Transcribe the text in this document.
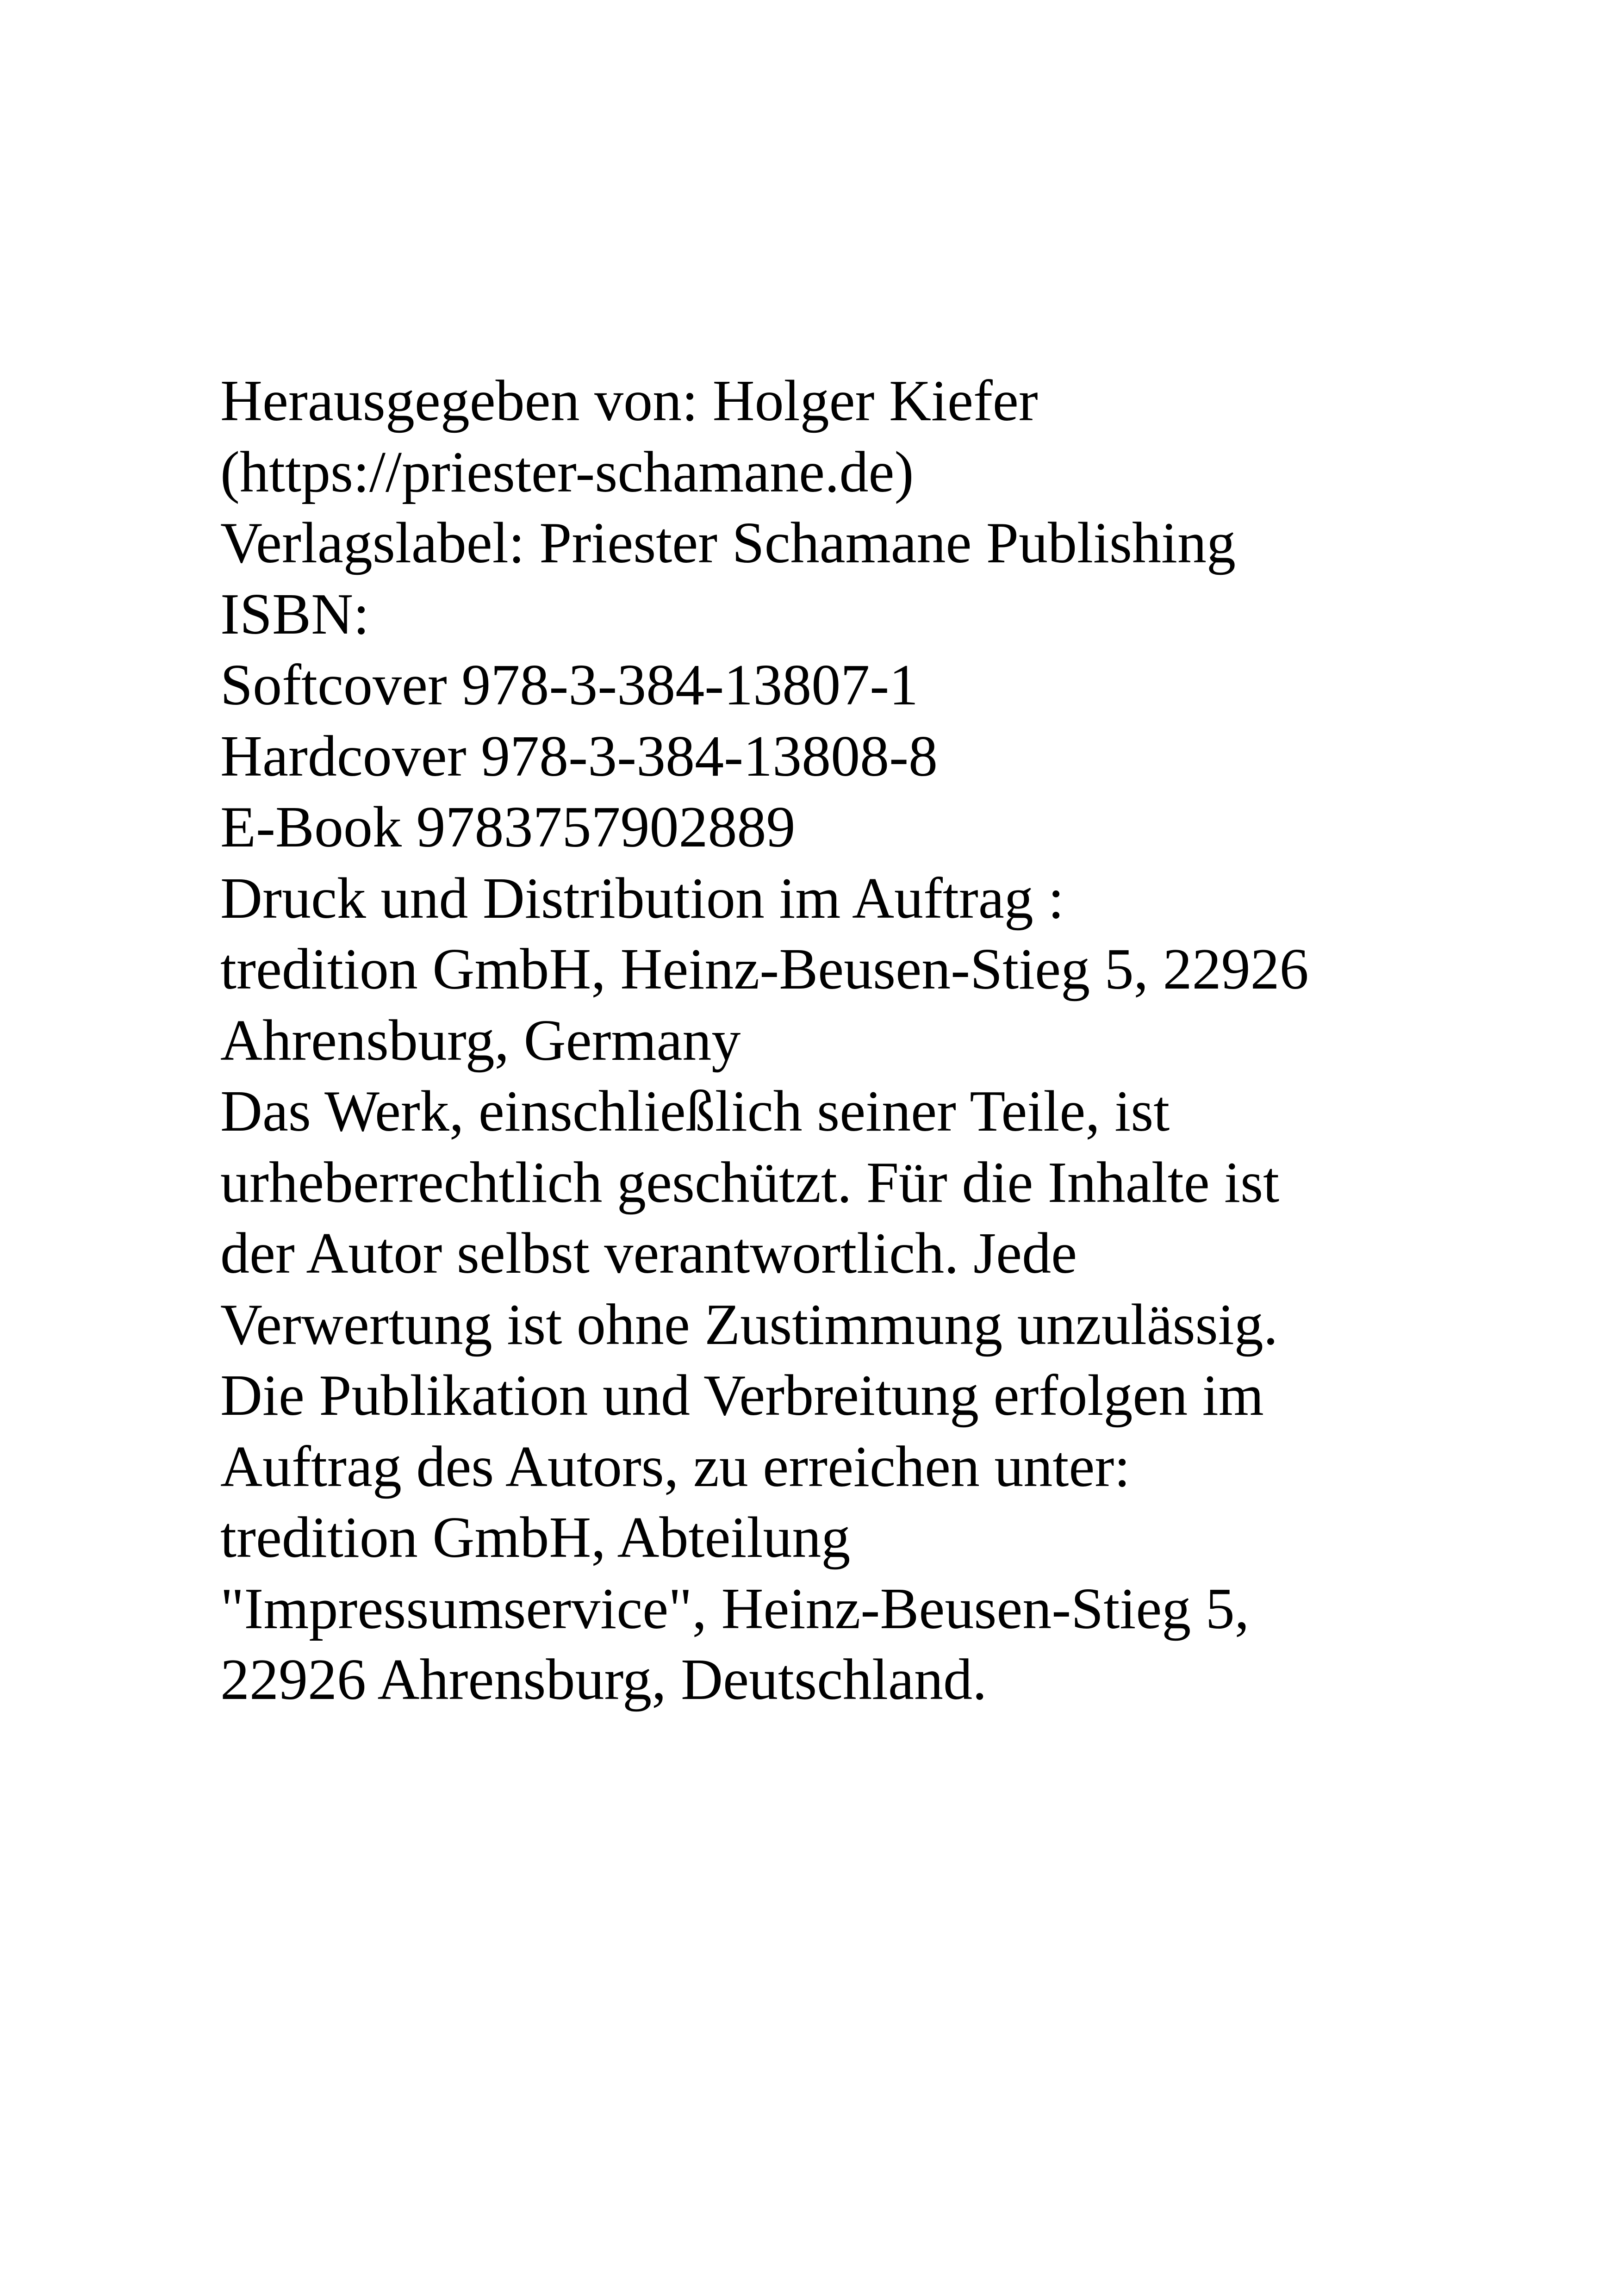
Herausgegeben von: Holger Kiefer
(https://priester-schamane.de)
Verlagslabel: Priester Schamane Publishing
ISBN:
Softcover 978-3-384-13807-1
Hardcover 978-3-384-13808-8
E-Book 9783757902889
Druck und Distribution im Auftrag :
tredition GmbH, Heinz-Beusen-Stieg 5, 22926
Ahrensburg, Germany
Das Werk, einschließlich seiner Teile, ist
urheberrechtlich geschützt. Für die Inhalte ist
der Autor selbst verantwortlich. Jede
Verwertung ist ohne Zustimmung unzulässig.
Die Publikation und Verbreitung erfolgen im
Auftrag des Autors, zu erreichen unter:
tredition GmbH, Abteilung
"Impressumservice", Heinz-Beusen-Stieg 5,
22926 Ahrensburg, Deutschland.
